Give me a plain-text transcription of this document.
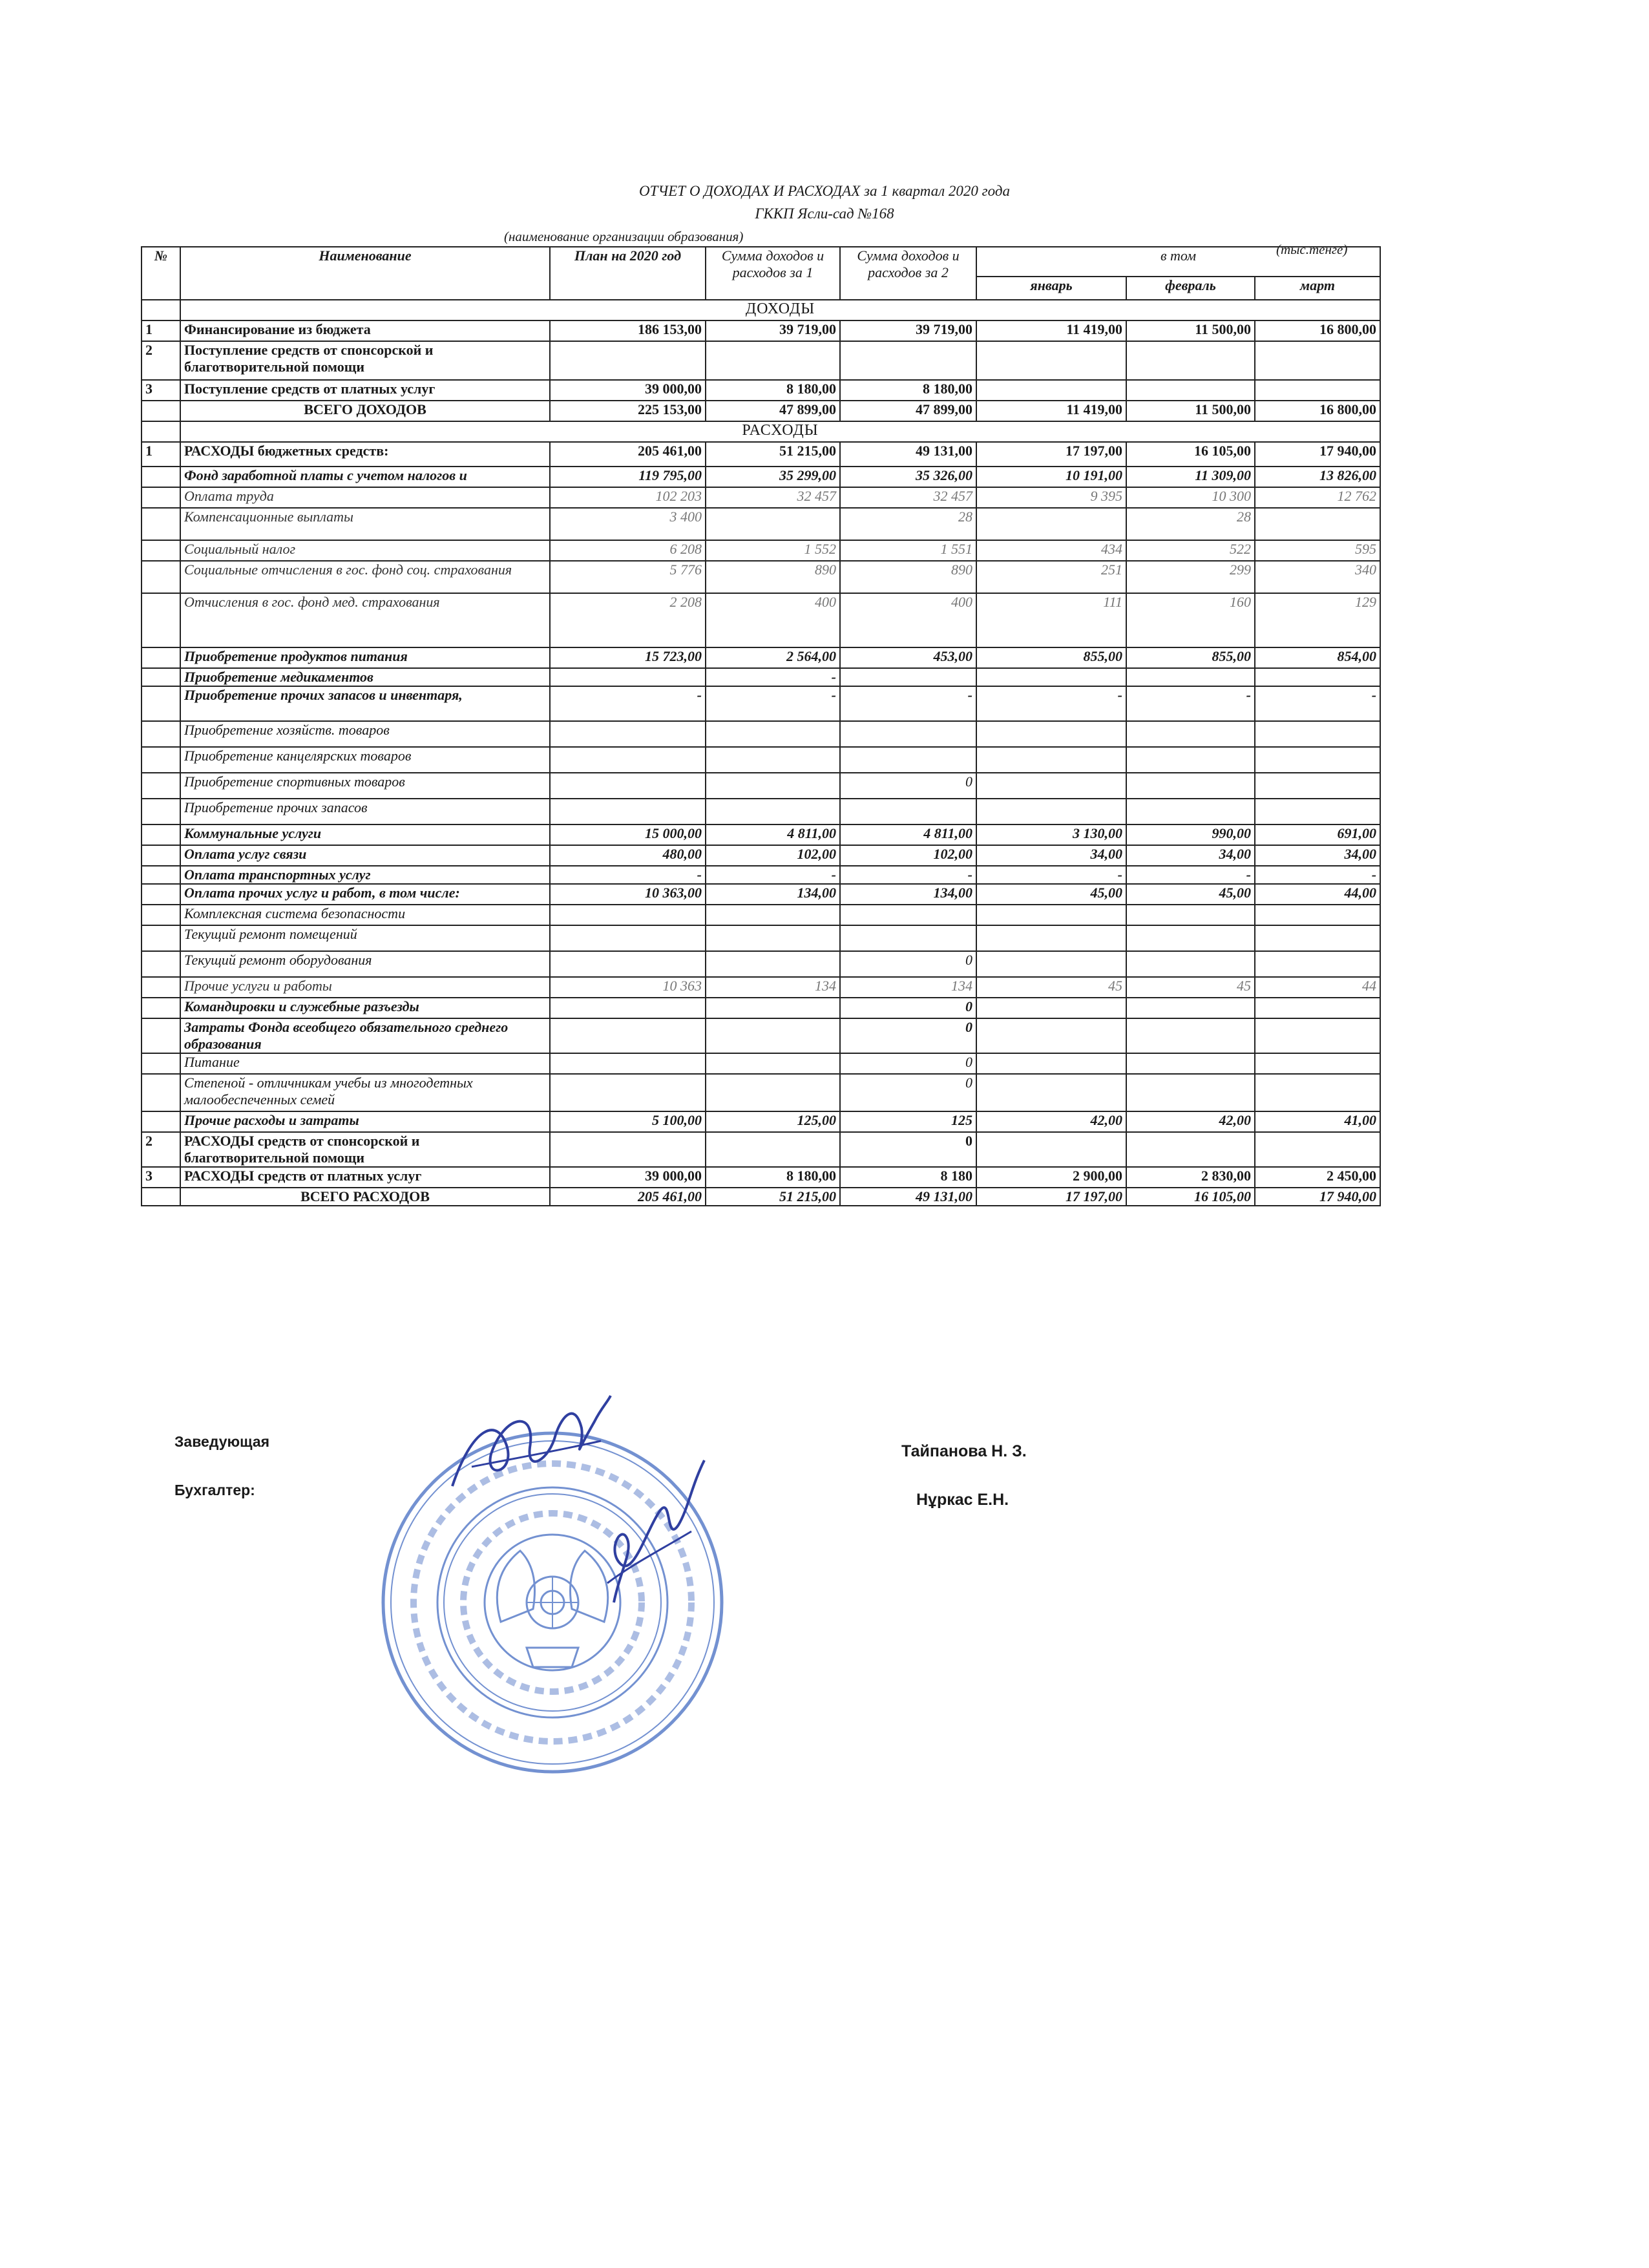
ОТЧЕТ О ДОХОДАХ И РАСХОДАХ за 1 квартал 2020 года
ГККП Ясли-сад №168
(наименование организации образования)
(тыс.тенге)
№	Наименование	План на 2020 год	Сумма доходов и расходов за 1	Сумма доходов и расходов за 2	в том		
					январь	февраль	март
	ДОХОДЫ						
1	Финансирование из бюджета	186 153,00	39 719,00	39 719,00	11 419,00	11 500,00	16 800,00
2	Поступление средств от спонсорской и благотворительной помощи						
3	Поступление средств от платных услуг	39 000,00	8 180,00	8 180,00			
	ВСЕГО ДОХОДОВ	225 153,00	47 899,00	47 899,00	11 419,00	11 500,00	16 800,00
	РАСХОДЫ						
1	РАСХОДЫ бюджетных средств:	205 461,00	51 215,00	49 131,00	17 197,00	16 105,00	17 940,00
	Фонд заработной платы с учетом налогов и	119 795,00	35 299,00	35 326,00	10 191,00	11 309,00	13 826,00
	Оплата труда	102 203	32 457	32 457	9 395	10 300	12 762
	Компенсационные выплаты	3 400		28		28	
	Социальный налог	6 208	1 552	1 551	434	522	595
	Социальные отчисления в гос. фонд соц. страхования	5 776	890	890	251	299	340
	Отчисления в гос. фонд мед. страхования	2 208	400	400	111	160	129
	Приобретение продуктов питания	15 723,00	2 564,00	453,00	855,00	855,00	854,00
	Приобретение медикаментов		-				
	Приобретение прочих запасов и инвентаря,	-	-	-	-	-	-
	Приобретение хозяйств. товаров						
	Приобретение канцелярских товаров						
	Приобретение спортивных товаров			0			
	Приобретение прочих запасов						
	Коммунальные услуги	15 000,00	4 811,00	4 811,00	3 130,00	990,00	691,00
	Оплата услуг связи	480,00	102,00	102,00	34,00	34,00	34,00
	Оплата транспортных услуг	-	-	-	-	-	-
	Оплата прочих услуг и работ, в том числе:	10 363,00	134,00	134,00	45,00	45,00	44,00
	Комплексная система безопасности						
	Текущий ремонт помещений						
	Текущий ремонт оборудования			0			
	Прочие услуги и работы	10 363	134	134	45	45	44
	Командировки и служебные разъезды			0			
	Затраты Фонда всеобщего обязательного среднего образования			0			
	Питание			0			
	Степеной - отличникам учебы из многодетных малообеспеченных семей			0			
	Прочие расходы и затраты	5 100,00	125,00	125	42,00	42,00	41,00
2	РАСХОДЫ средств от спонсорской и благотворительной помощи			0			
3	РАСХОДЫ средств от платных услуг	39 000,00	8 180,00	8 180	2 900,00	2 830,00	2 450,00
	ВСЕГО РАСХОДОВ	205 461,00	51 215,00	49 131,00	17 197,00	16 105,00	17 940,00
Заведующая
Тайпанова Н. З.
Бухгалтер:
Нұркас Е.Н.
